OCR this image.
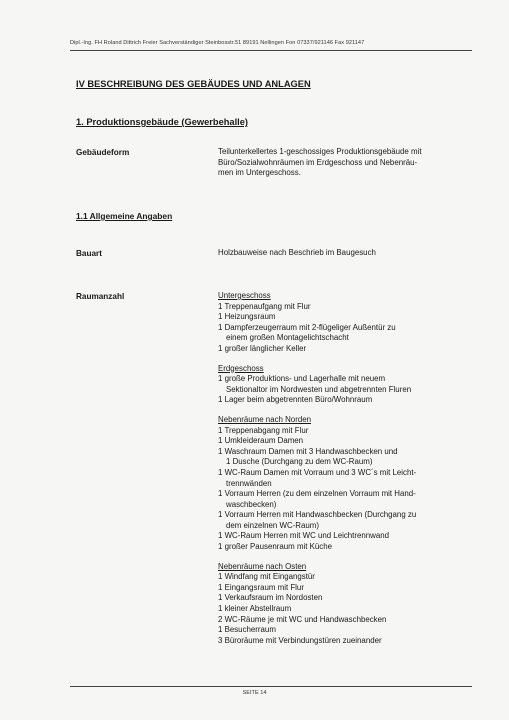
Dipl.-Ing. FH Roland Dittrich Freier Sachverständiger Steinbosstr.51 89191 Nellingen Fon 07337/921146 Fax 921147
IV BESCHREIBUNG DES GEBÄUDES UND ANLAGEN
1. Produktionsgebäude (Gewerbehalle)
Gebäudeform	Teilunterkellertes 1-geschossiges Produktionsgebäude mit
Büro/Sozialwohnräumen im Erdgeschoss und Nebenräu-
men im Untergeschoss.
1.1 Allgemeine Angaben
Bauart	Holzbauweise nach Beschrieb im Baugesuch
Raumanzahl	Untergeschoss
1 Treppenaufgang mit Flur
1 Heizungsraum
1 Dampferzeugerraum mit 2-flügeliger Außentür zu
einem großen Montagelichtschacht
1 großer länglicher Keller
Erdgeschoss
1 große Produktions- und Lagerhalle mit neuem
Sektionaltor im Nordwesten und abgetrennten Fluren
1 Lager beim abgetrennten Büro/Wohnraum
Nebenräume nach Norden
1 Treppenabgang mit Flur
1 Umkleideraum Damen
1 Waschraum Damen mit 3 Handwaschbecken und
1 Dusche (Durchgang zu dem WC-Raum)
1 WC-Raum Damen mit Vorraum und 3 WC´s mit Leicht-
trennwänden
1 Vorraum Herren (zu dem einzelnen Vorraum mit Hand-
waschbecken)
1 Vorraum Herren mit Handwaschbecken (Durchgang zu
dem einzelnen WC-Raum)
1 WC-Raum Herren mit WC und Leichtrennwand
1 großer Pausenraum mit Küche
Nebenräume nach Osten
1 Windfang mit Eingangstür
1 Eingangsraum mit Flur
1 Verkaufsraum im Nordosten
1 kleiner Abstellraum
2 WC-Räume je mit WC und Handwaschbecken
1 Besucherraum
3 Büroräume mit Verbindungstüren zueinander
SEITE 14
